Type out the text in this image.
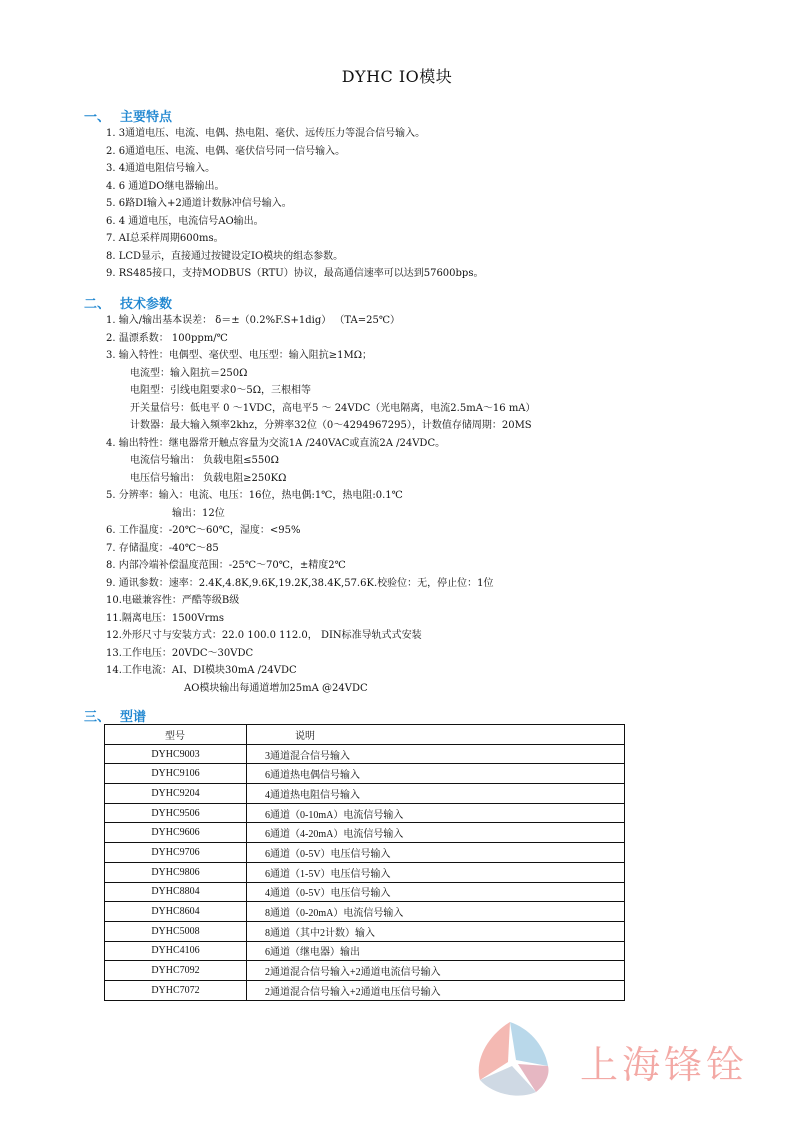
DYHC IO模块
一、 主要特点
1. 3通道电压、电流、电偶、热电阻、毫伏、远传压力等混合信号输入。
2. 6通道电压、电流、电偶、毫伏信号同一信号输入。
3. 4通道电阻信号输入。
4. 6 通道DO继电器输出。
5. 6路DI输入+2通道计数脉冲信号输入。
6. 4 通道电压，电流信号AO输出。
7. AI总采样周期600ms。
8. LCD显示，直接通过按键设定IO模块的组态参数。
9. RS485接口，支持MODBUS（RTU）协议，最高通信速率可以达到57600bps。
二、 技术参数
1. 输入/输出基本误差： δ＝±（0.2%F.S+1dig） （TA=25℃）
2. 温漂系数： 100ppm/℃
3. 输入特性：电偶型、毫伏型、电压型：输入阻抗≥1MΩ；
电流型：输入阻抗＝250Ω
电阻型：引线电阻要求0～5Ω，三根相等
开关量信号：低电平 0 ～1VDC，高电平5 ～ 24VDC（光电隔离，电流2.5mA～16 mA）
计数器：最大输入频率2khz，分辨率32位（0～4294967295），计数值存储周期：20MS
4. 输出特性：继电器常开触点容量为交流1A /240VAC或直流2A /24VDC。
电流信号输出： 负载电阻≤550Ω
电压信号输出： 负载电阻≥250KΩ
5. 分辨率：输入：电流、电压：16位，热电偶:1℃，热电阻:0.1℃
输出：12位
6. 工作温度：-20℃～60℃，湿度：<95%
7. 存储温度：-40℃～85
8. 内部冷端补偿温度范围：-25℃～70℃，±精度2℃
9. 通讯参数：速率：2.4K,4.8K,9.6K,19.2K,38.4K,57.6K.校验位：无，停止位：1位
10.电磁兼容性：严酷等级B级
11.隔离电压：1500Vrms
12.外形尺寸与安装方式：22.0 100.0 112.0， DIN标准导轨式式安装
13.工作电压：20VDC～30VDC
14.工作电流：AI、DI模块30mA /24VDC
AO模块输出每通道增加25mA @24VDC
三、 型谱
型号	说明
DYHC9003	3通道混合信号输入
DYHC9106	6通道热电偶信号输入
DYHC9204	4通道热电阻信号输入
DYHC9506	6通道（0-10mA）电流信号输入
DYHC9606	6通道（4-20mA）电流信号输入
DYHC9706	6通道（0-5V）电压信号输入
DYHC9806	6通道（1-5V）电压信号输入
DYHC8804	4通道（0-5V）电压信号输入
DYHC8604	8通道（0-20mA）电流信号输入
DYHC5008	8通道（其中2计数）输入
DYHC4106	6通道（继电器）输出
DYHC7092	2通道混合信号输入+2通道电流信号输入
DYHC7072	2通道混合信号输入+2通道电压信号输入
上海锋铨
